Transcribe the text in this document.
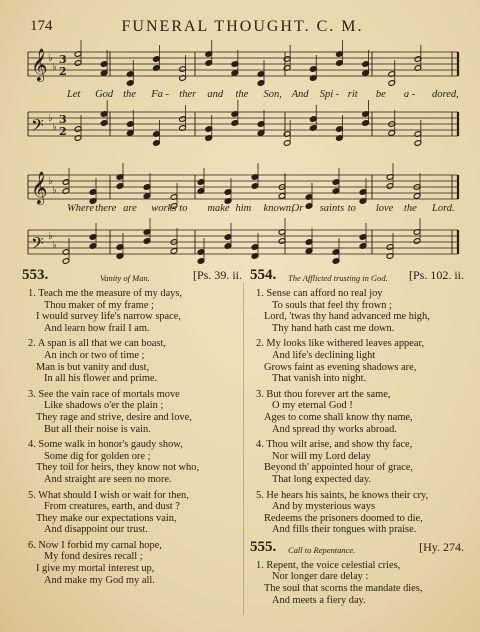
174	FUNERAL THOUGHT. C. M.
𝄞 ♭
♭
3
2
𝄢 ♭
♭
3
2
𝄞 ♭
♭
𝄢 ♭
♭
Let God the Fa - ther and the Son, And Spi - rit be a - dored,
Where there are works to make him known,
Or saints to love the Lord.
553.	Vanity of Man.	[Ps. 39. ii.
1. Teach me the measure of my days,
Thou maker of my frame ;
I would survey life's narrow space,
And learn how frail I am.
2. A span is all that we can boast,
An inch or two of time ;
Man is but vanity and dust,
In all his flower and prime.
3. See the vain race of mortals move
Like shadows o'er the plain ;
They rage and strive, desire and love,
But all their noise is vain.
4. Some walk in honor's gaudy show,
Some dig for golden ore ;
They toil for heirs, they know not who,
And straight are seen no more.
5. What should I wish or wait for then,
From creatures, earth, and dust ?
They make our expectations vain,
And disappoint our trust.
6. Now I forbid my carnal hope,
My fond desires recall ;
I give my mortal interest up,
And make my God my all.
554. The Afflicted trusting in God. [Ps. 102. ii.
1. Sense can afford no real joy
To souls that feel thy frown ;
Lord, 'twas thy hand advanced me high,
Thy hand hath cast me down.
2. My looks like withered leaves appear,
And life's declining light
Grows faint as evening shadows are,
That vanish into night.
3. But thou forever art the same,
O my eternal God !
Ages to come shall know thy name,
And spread thy works abroad.
4. Thou wilt arise, and show thy face,
Nor will my Lord delay
Beyond th' appointed hour of grace,
That long expected day.
5. He hears his saints, he knows their cry,
And by mysterious ways
Redeems the prisoners doomed to die,
And fills their tongues with praise.
555. Call to Repentance.	[Hy. 274.
1. Repent, the voice celestial cries,
Nor longer dare delay :
The soul that scorns the mandate dies,
And meets a fiery day.
